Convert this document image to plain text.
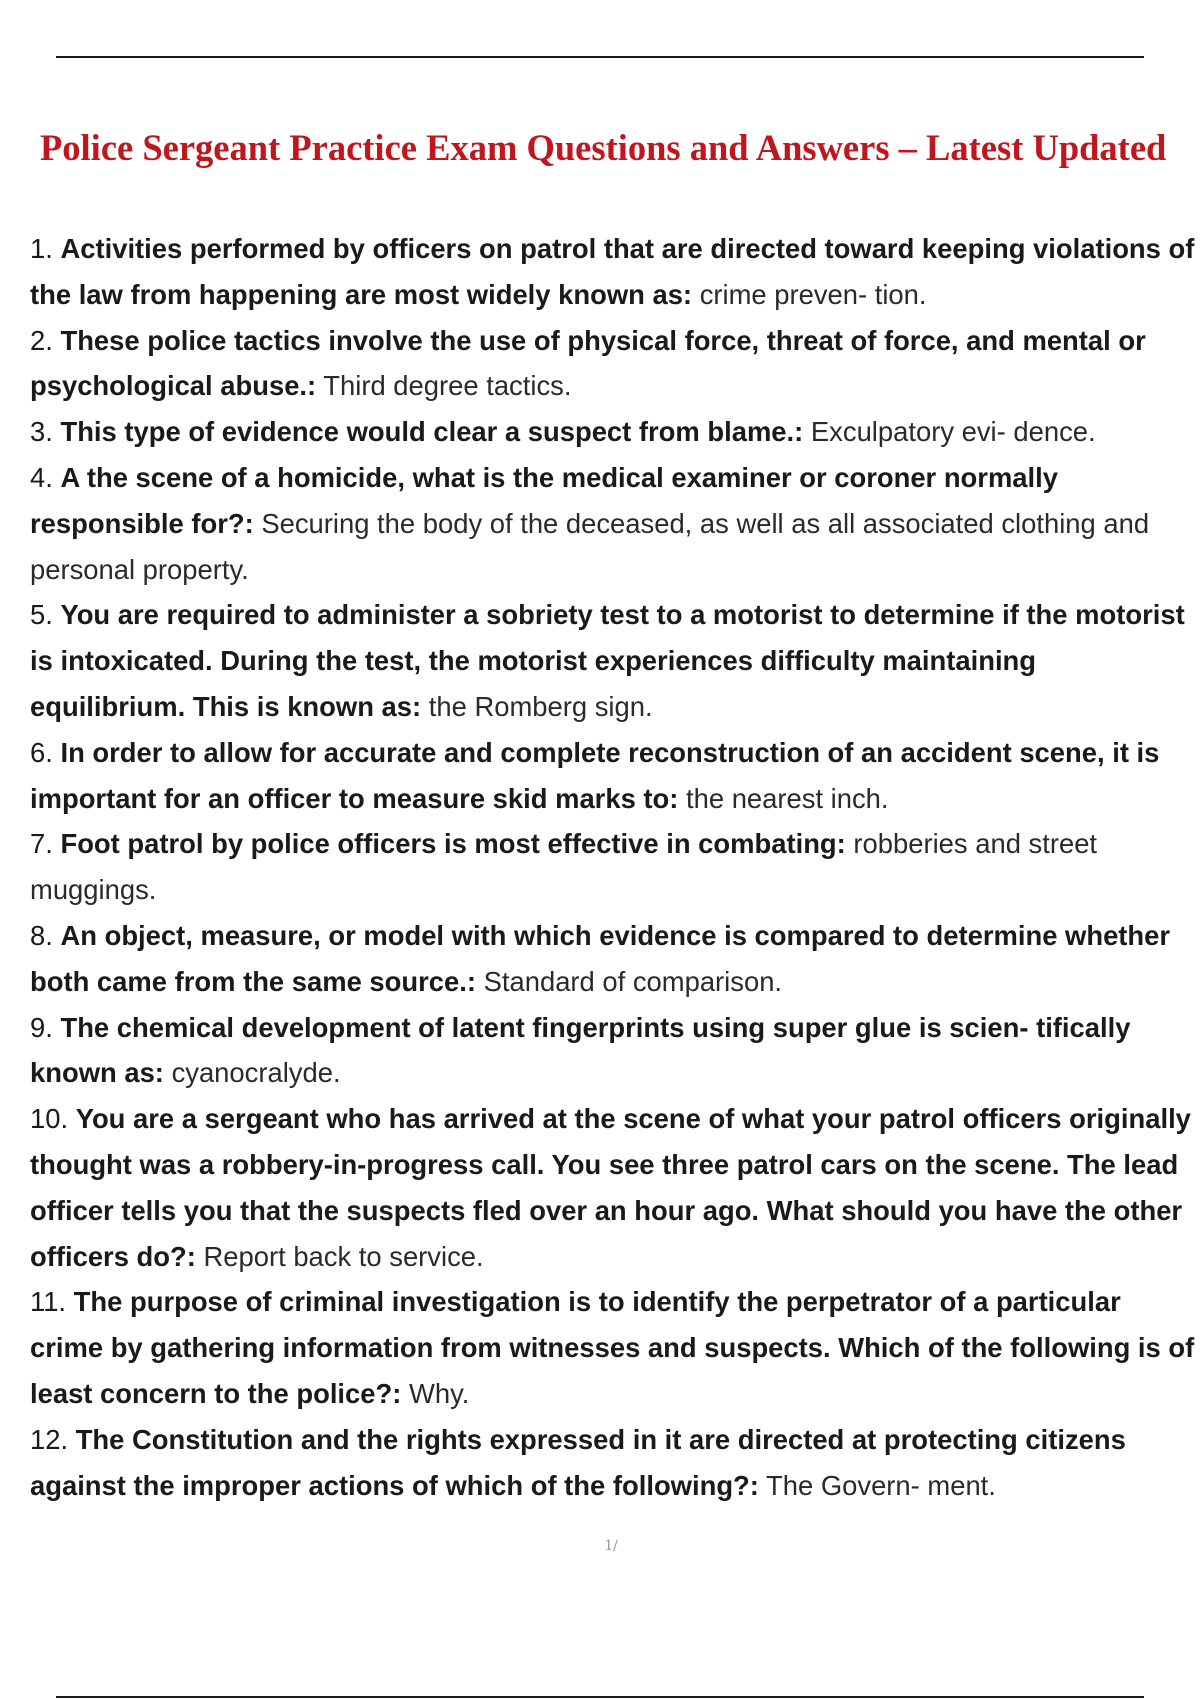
Police Sergeant Practice Exam Questions and Answers – Latest Updated
1. Activities performed by officers on patrol that are directed toward keeping violations of the law from happening are most widely known as: crime preven- tion.
2. These police tactics involve the use of physical force, threat of force, and mental or psychological abuse.: Third degree tactics.
3. This type of evidence would clear a suspect from blame.: Exculpatory evi- dence.
4. A the scene of a homicide, what is the medical examiner or coroner normally responsible for?: Securing the body of the deceased, as well as all associated clothing and personal property.
5. You are required to administer a sobriety test to a motorist to determine if the motorist is intoxicated. During the test, the motorist experiences difficulty maintaining equilibrium. This is known as: the Romberg sign.
6. In order to allow for accurate and complete reconstruction of an accident scene, it is important for an officer to measure skid marks to: the nearest inch.
7. Foot patrol by police officers is most effective in combating: robberies and street muggings.
8. An object, measure, or model with which evidence is compared to determine whether both came from the same source.: Standard of comparison.
9. The chemical development of latent fingerprints using super glue is scien- tifically known as: cyanocralyde.
10. You are a sergeant who has arrived at the scene of what your patrol officers originally thought was a robbery-in-progress call. You see three patrol cars on the scene. The lead officer tells you that the suspects fled over an hour ago. What should you have the other officers do?: Report back to service.
11. The purpose of criminal investigation is to identify the perpetrator of a particular crime by gathering information from witnesses and suspects. Which of the following is of least concern to the police?: Why.
12. The Constitution and the rights expressed in it are directed at protecting citizens against the improper actions of which of the following?: The Govern- ment.
1/
